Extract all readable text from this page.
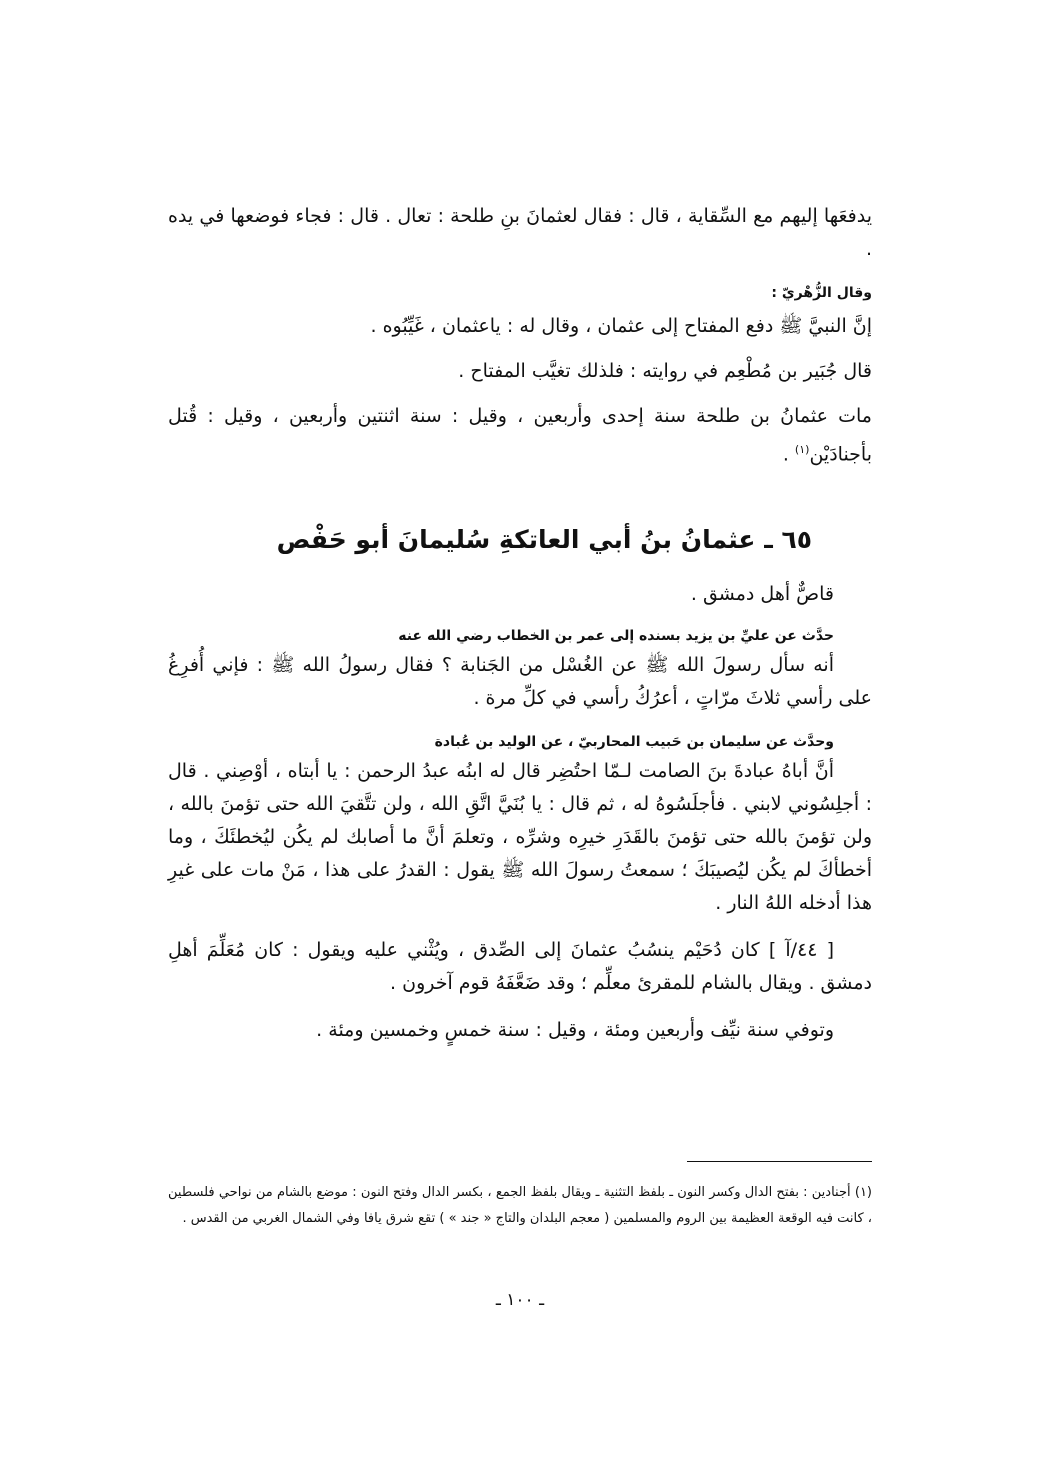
يدفعَها إليهم مع السِّقاية ، قال : فقال لعثمانَ بنِ طلحة : تعال . قال : فجاء فوضعها في يده .

وقال الزُّهْريّ :

إنَّ النبيَّ ﷺ دفع المفتاح إلى عثمان ، وقال له : ياعثمان ، غَيِّبُوه .

قال جُبَير بن مُطْعِم في روايته : فلذلك تغيَّب المفتاح .

مات عثمانُ بن طلحة سنة إحدى وأربعين ، وقيل : سنة اثنتين وأربعين ، وقيل : قُتل بأجنادَيْن$^{(١)}$ .

٦٥ ـ عثمانُ بنُ أبي العاتكةِ سُليمانَ أبو حَفْص

قاصٌّ أهل دمشق .

حدَّث عن عليِّ بن يزيد بسنده إلى عمر بن الخطاب رضي الله عنه

أنه سأل رسولَ الله ﷺ عن الغُسْل من الجَنابة ؟ فقال رسولُ الله ﷺ : فإني أُفرِغُ على رأسي ثلاثَ مرّاتٍ ، أعرُكُ رأسي في كلِّ مرة .

وحدَّث عن سليمان بن حَبيب المحاربيّ ، عن الوليد بن عُبادة

أنَّ أباهُ عبادةَ بنَ الصامت لـمّا احتُضِر قال له ابنُه عبدُ الرحمن : يا أبتاه ، أوْصِني . قال : أجلِسُوني لابني . فأجلَسُوهُ له ، ثم قال : يا بُنَيَّ اتَّقِ الله ، ولن تتَّقيَ الله حتى تؤمنَ بالله ، ولن تؤمنَ بالله حتى تؤمنَ بالقَدَرِ خيرِه وشرِّه ، وتعلمَ أنَّ ما أصابك لم يكُن ليُخطئَكَ ، وما أخطأكَ لم يكُن ليُصيبَكَ ؛ سمعتُ رسولَ الله ﷺ يقول : القدرُ على هذا ، مَنْ مات على غيرِ هذا أدخله اللهُ النار .

[ ٤٤/آ ] كان دُحَيْم ينسُبُ عثمانَ إلى الصِّدق ، ويُثْني عليه ويقول : كان مُعَلِّمَ أهلِ دمشق . ويقال بالشام للمقرئ معلِّم ؛ وقد ضَعَّفَهُ قوم آخرون .

وتوفي سنة نيِّف وأربعين ومئة ، وقيل : سنة خمسٍ وخمسين ومئة .

(١) أجنادين : بفتح الدال وكسر النون ـ بلفظ التثنية ـ ويقال بلفظ الجمع ، بكسر الدال وفتح النون : موضع بالشام من نواحي فلسطين ، كانت فيه الوقعة العظيمة بين الروم والمسلمين ( معجم البلدان والتاج « جند » ) تقع شرق يافا وفي الشمال الغربي من القدس .

ـ ١٠٠ ـ
